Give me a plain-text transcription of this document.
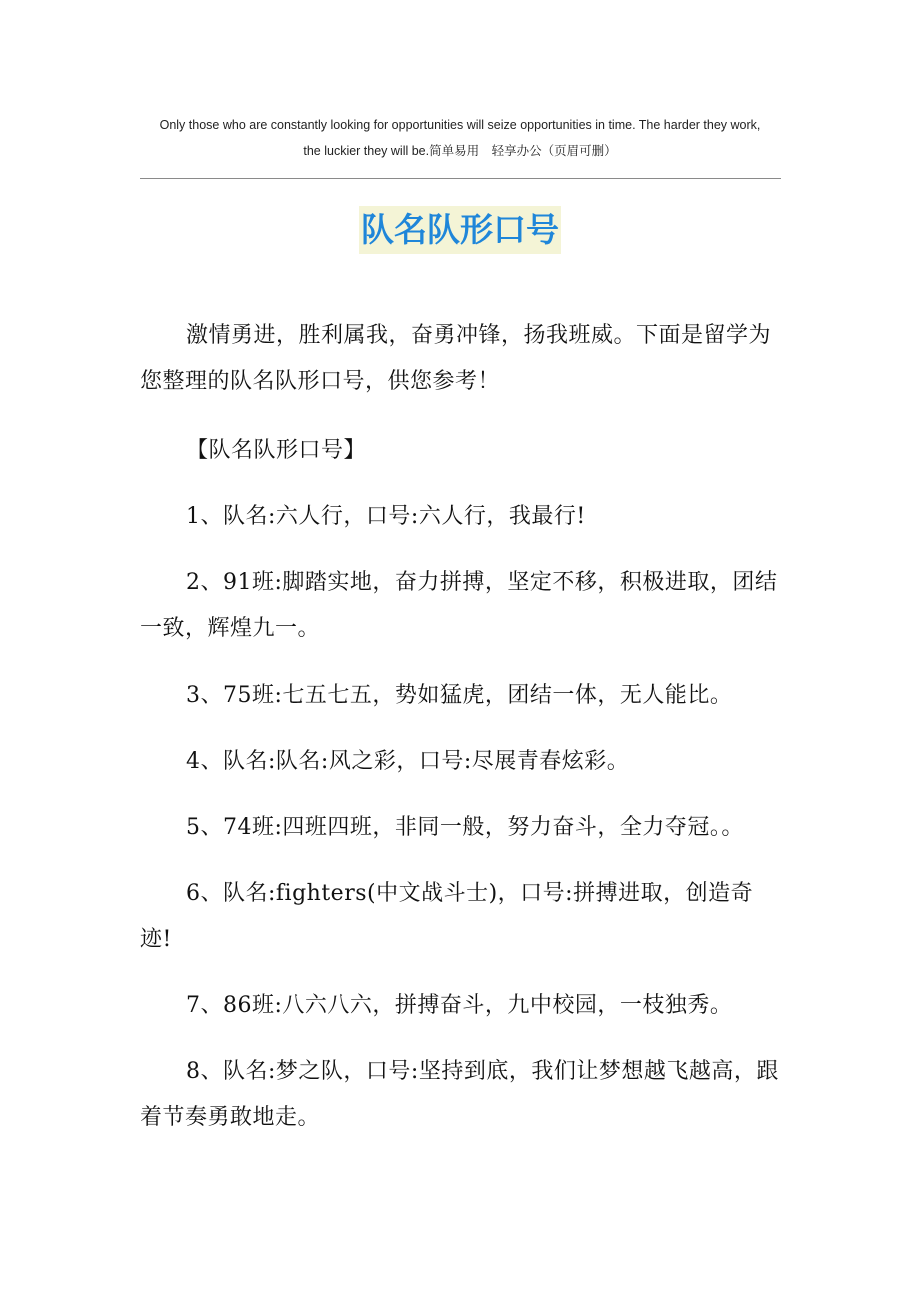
Only those who are constantly looking for opportunities will seize opportunities in time. The harder they work,
the luckier they will be.简单易用　轻享办公（页眉可删）
队名队形口号

激情勇进，胜利属我，奋勇冲锋，扬我班威。下面是留学为您整理的队名队形口号，供您参考！

【队名队形口号】

1、队名:六人行，口号:六人行，我最行!

2、91班:脚踏实地，奋力拼搏，坚定不移，积极进取，团结一致，辉煌九一。

3、75班:七五七五，势如猛虎，团结一体，无人能比。

4、队名:队名:风之彩，口号:尽展青春炫彩。

5、74班:四班四班，非同一般，努力奋斗，全力夺冠。。

6、队名:fighters(中文战斗士)，口号:拼搏进取，创造奇迹!

7、86班:八六八六，拼搏奋斗，九中校园，一枝独秀。

8、队名:梦之队，口号:坚持到底，我们让梦想越飞越高，跟着节奏勇敢地走。
